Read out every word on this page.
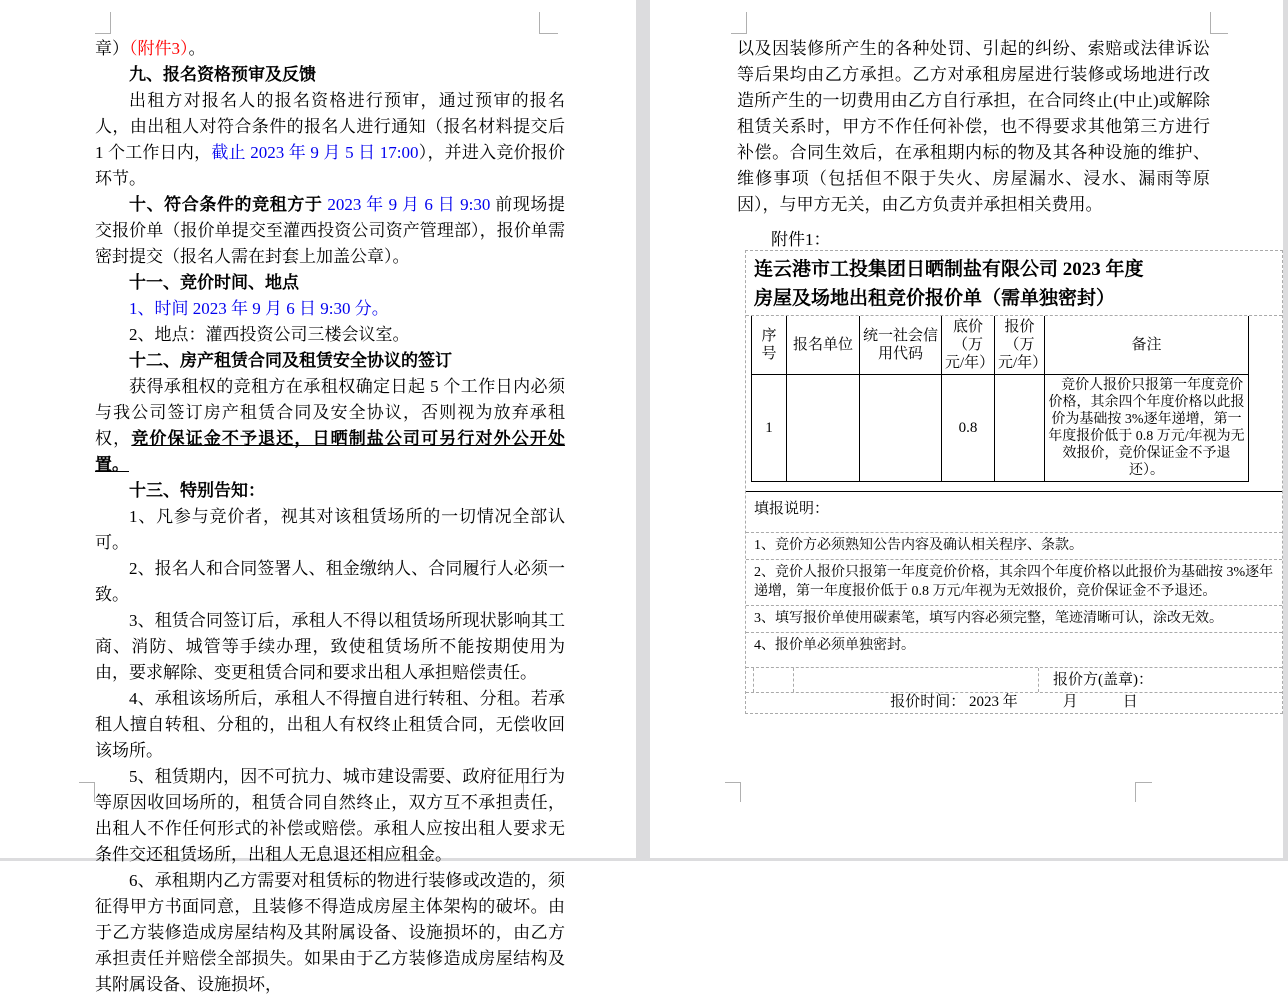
章）（附件3）。

九、报名资格预审及反馈

出租方对报名人的报名资格进行预审，通过预审的报名人，由出租人对符合条件的报名人进行通知（报名材料提交后 1 个工作日内，截止 2023 年 9 月 5 日 17:00），并进入竞价报价环节。

十、符合条件的竞租方于 2023 年 9 月 6 日 9:30 前现场提交报价单（报价单提交至灌西投资公司资产管理部），报价单需密封提交（报名人需在封套上加盖公章）。

十一、竞价时间、地点

1、时间 2023 年 9 月 6 日 9:30 分。

2、地点：灌西投资公司三楼会议室。

十二、房产租赁合同及租赁安全协议的签订

获得承租权的竞租方在承租权确定日起 5 个工作日内必须与我公司签订房产租赁合同及安全协议，否则视为放弃承租权，竞价保证金不予退还，日晒制盐公司可另行对外公开处置。

十三、特别告知：

1、凡参与竞价者，视其对该租赁场所的一切情况全部认可。

2、报名人和合同签署人、租金缴纳人、合同履行人必须一致。

3、租赁合同签订后，承租人不得以租赁场所现状影响其工商、消防、城管等手续办理，致使租赁场所不能按期使用为由，要求解除、变更租赁合同和要求出租人承担赔偿责任。

4、承租该场所后，承租人不得擅自进行转租、分租。若承租人擅自转租、分租的，出租人有权终止租赁合同，无偿收回该场所。

5、租赁期内，因不可抗力、城市建设需要、政府征用行为等原因收回场所的，租赁合同自然终止，双方互不承担责任，出租人不作任何形式的补偿或赔偿。承租人应按出租人要求无条件交还租赁场所，出租人无息退还相应租金。

6、承租期内乙方需要对租赁标的物进行装修或改造的，须征得甲方书面同意，且装修不得造成房屋主体架构的破坏。由于乙方装修造成房屋结构及其附属设备、设施损坏的，由乙方承担责任并赔偿全部损失。如果由于乙方装修造成房屋结构及其附属设备、设施损坏，

以及因装修所产生的各种处罚、引起的纠纷、索赔或法律诉讼等后果均由乙方承担。乙方对承租房屋进行装修或场地进行改造所产生的一切费用由乙方自行承担，在合同终止(中止)或解除租赁关系时，甲方不作任何补偿，也不得要求其他第三方进行补偿。合同生效后，在承租期内标的物及其各种设施的维护、维修事项（包括但不限于失火、房屋漏水、浸水、漏雨等原因），与甲方无关，由乙方负责并承担相关费用。

附件1：

连云港市工投集团日晒制盐有限公司 2023 年度
房屋及场地出租竞价报价单（需单独密封）
序号	报名单位	统一社会信用代码	底价（万元/年）	报价（万元/年）	备注
1			0.8		竞价人报价只报第一年度竞价价格，其余四个年度价格以此报价为基础按 3%逐年递增，第一年度报价低于 0.8 万元/年视为无效报价，竞价保证金不予退还）。
填报说明：
1、竞价方必须熟知公告内容及确认相关程序、条款。
2、竞价人报价只报第一年度竞价价格，其余四个年度价格以此报价为基础按 3%逐年递增，第一年度报价低于 0.8 万元/年视为无效报价，竞价保证金不予退还。
3、填写报价单使用碳素笔，填写内容必须完整，笔迹清晰可认，涂改无效。
4、报价单必须单独密封。
报价方(盖章)：
报价时间： 2023 年　　　月　　　日
